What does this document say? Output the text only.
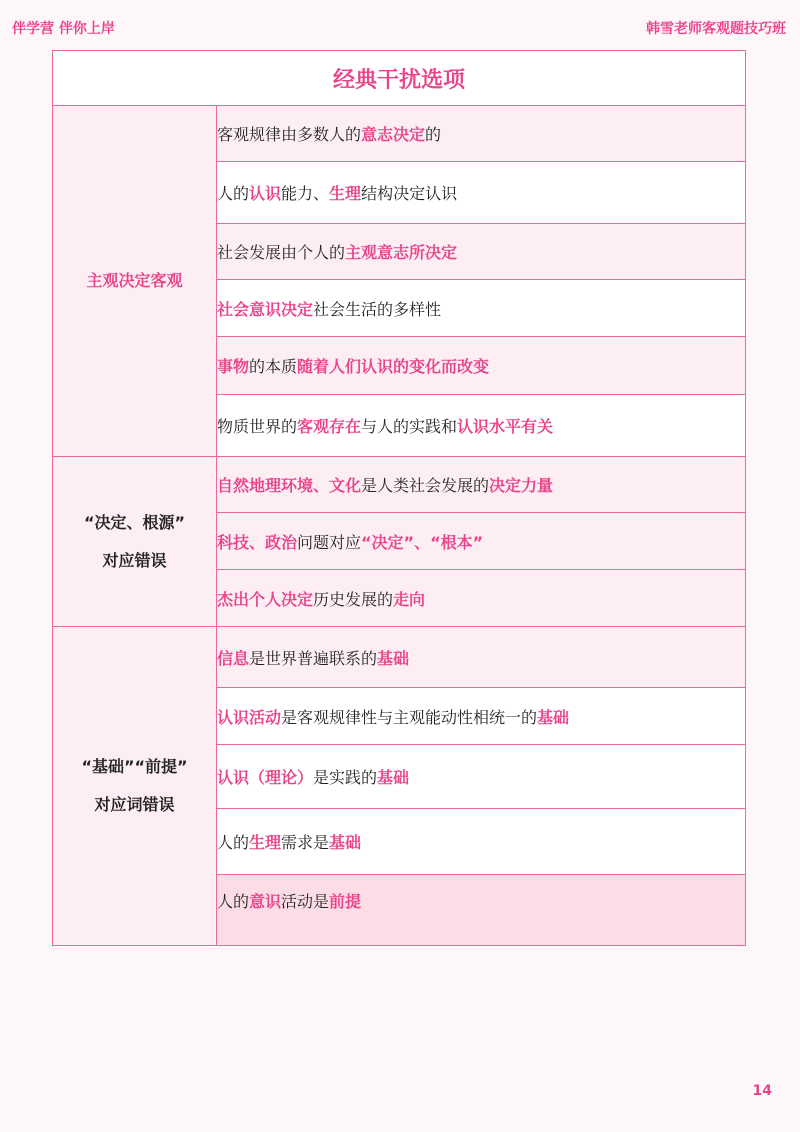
伴学营 伴你上岸	韩雪老师客观题技巧班
经典干扰选项	
主观决定客观	客观规律由多数人的意志决定的
	人的认识能力、生理结构决定认识
	社会发展由个人的主观意志所决定
	社会意识决定社会生活的多样性
	事物的本质随着人们认识的变化而改变
	物质世界的客观存在与人的实践和认识水平有关

“决定、根源”
对应错误	自然地理环境、文化是人类社会发展的决定力量
	科技、政治问题对应“决定”、“根本”
	杰出个人决定历史发展的走向

“基础”“前提”
对应词错误	信息是世界普遍联系的基础
	认识活动是客观规律性与主观能动性相统一的基础
	认识（理论）是实践的基础
	人的生理需求是基础
	人的意识活动是前提
14
